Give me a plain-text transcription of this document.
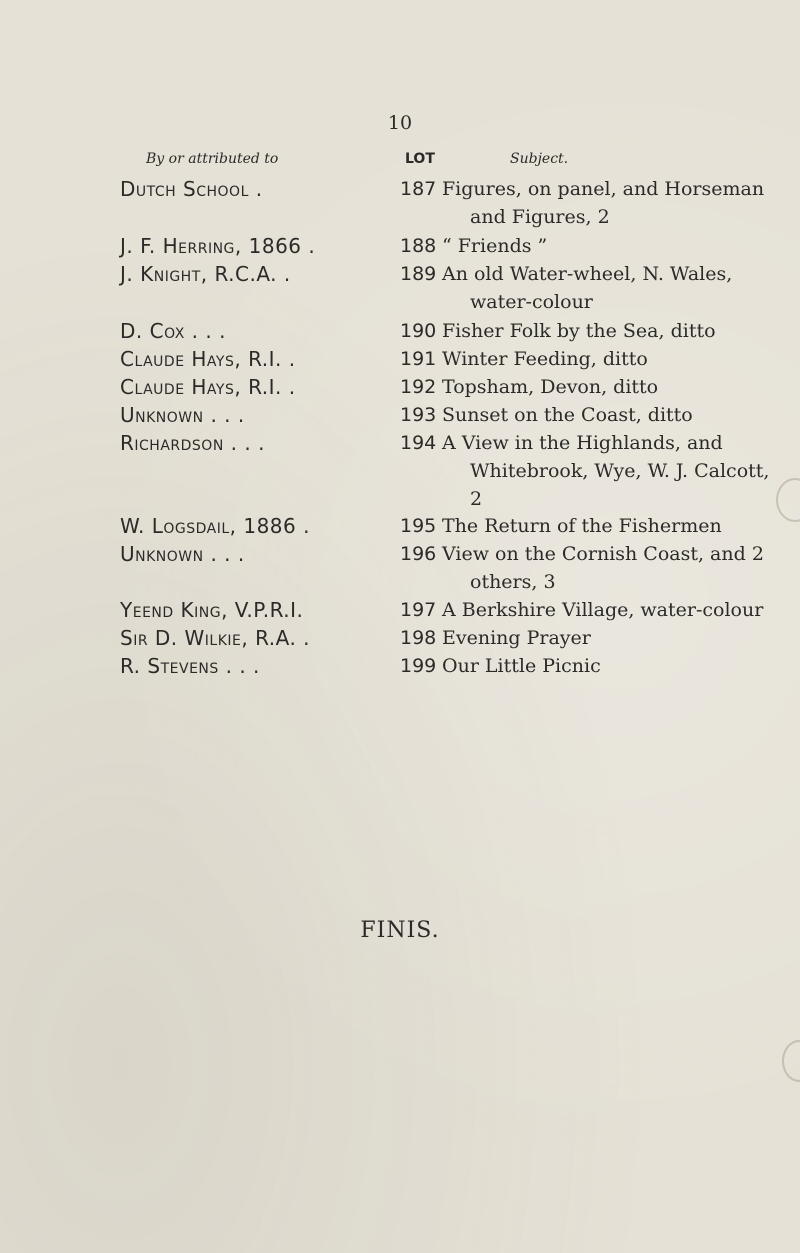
10
By or attributed to	LOT	Subject.
Dutch School .	187 Figures, on panel, and Horseman
and Figures, 2
J. F. Herring, 1866 .	188 “ Friends ”
J. Knight, R.C.A. .	189 An old Water-wheel, N. Wales,
water-colour
D. Cox . . .	190 Fisher Folk by the Sea, ditto
Claude Hays, R.I. .	191 Winter Feeding, ditto
Claude Hays, R.I. .	192 Topsham, Devon, ditto
Unknown . . .	193 Sunset on the Coast, ditto
Richardson . . .	194 A View in the Highlands, and
Whitebrook, Wye, W. J. Calcott,
2
W. Logsdail, 1886 .	195 The Return of the Fishermen
Unknown . . .	196 View on the Cornish Coast, and 2
others, 3
Yeend King, V.P.R.I.	197 A Berkshire Village, water-colour
Sir D. Wilkie, R.A. .	198 Evening Prayer
R. Stevens . . .	199 Our Little Picnic
FINIS.
